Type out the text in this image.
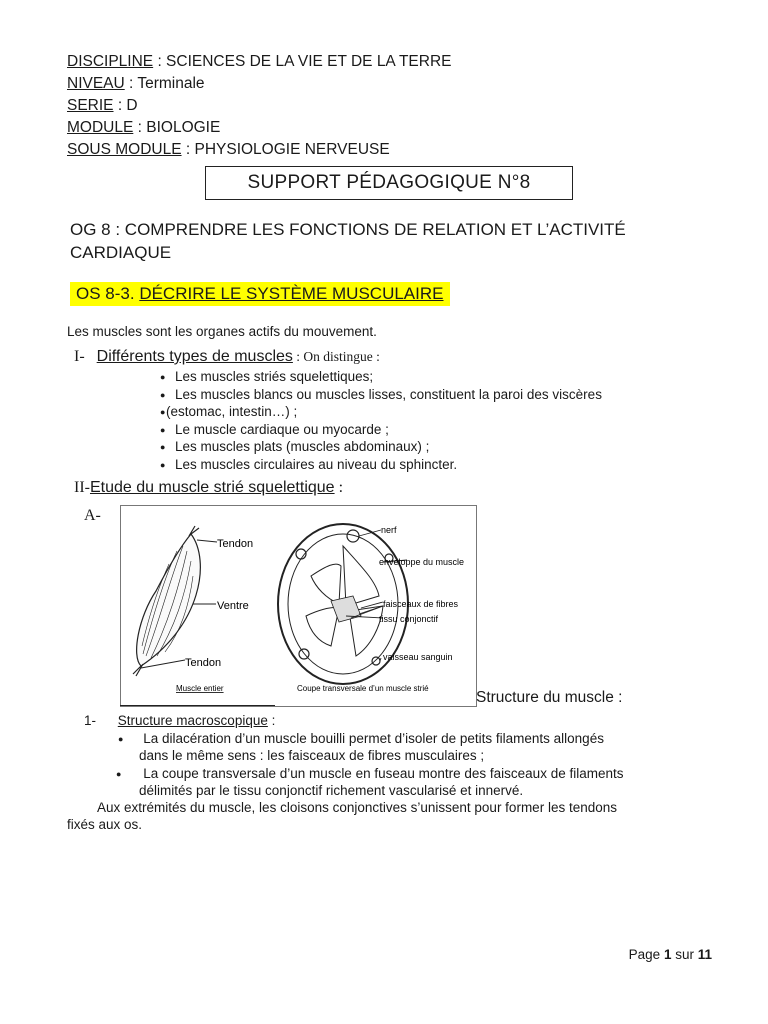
DISCIPLINE : SCIENCES DE LA VIE ET DE LA TERRE
NIVEAU : Terminale
SERIE : D
MODULE : BIOLOGIE
SOUS MODULE : PHYSIOLOGIE NERVEUSE
SUPPORT PÉDAGOGIQUE N°8
OG 8 : COMPRENDRE LES FONCTIONS DE RELATION ET L’ACTIVITÉ CARDIAQUE
OS 8-3. DÉCRIRE LE SYSTÈME MUSCULAIRE
Les muscles sont les organes actifs du mouvement.
I- Différents types de muscles : On distingue :
● Les muscles striés squelettiques;
● Les muscles blancs ou muscles lisses, constituent la paroi des viscères
● (estomac, intestin…) ;
● Le muscle cardiaque ou myocarde ;
● Les muscles plats (muscles abdominaux) ;
● Les muscles circulaires au niveau du sphincter.
II-Etude du muscle strié squelettique :
A-
Tendon
Ventre
Tendon
Muscle entier
nerf
enveloppe du muscle
faisceaux de fibres
tissu conjonctif
vaisseau sanguin
Coupe transversale d’un muscle strié
Structure du muscle :
1- Structure macroscopique :
● La dilacération d’un muscle bouilli permet d’isoler de petits filaments allongés
dans le même sens : les faisceaux de fibres musculaires ;
● La coupe transversale d’un muscle en fuseau montre des faisceaux de filaments
délimités par le tissu conjonctif richement vascularisé et innervé.
Aux extrémités du muscle, les cloisons conjonctives s’unissent pour former les tendons
fixés aux os.
Page 1 sur 11
